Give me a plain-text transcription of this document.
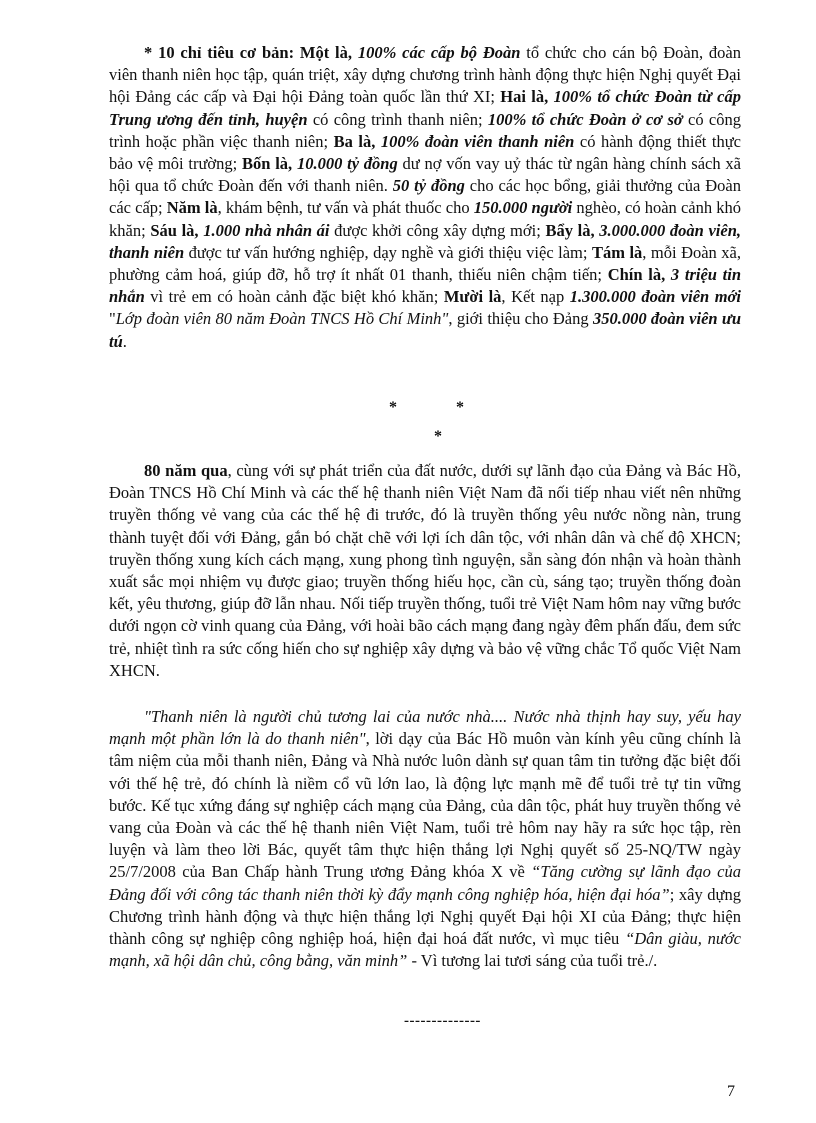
* 10 chỉ tiêu cơ bản: Một là, 100% các cấp bộ Đoàn tổ chức cho cán bộ Đoàn, đoàn viên thanh niên học tập, quán triệt, xây dựng chương trình hành động thực hiện Nghị quyết Đại hội Đảng các cấp và Đại hội Đảng toàn quốc lần thứ XI; Hai là, 100% tổ chức Đoàn từ cấp Trung ương đến tỉnh, huyện có công trình thanh niên; 100% tổ chức Đoàn ở cơ sở có công trình hoặc phần việc thanh niên; Ba là, 100% đoàn viên thanh niên có hành động thiết thực bảo vệ môi trường; Bốn là, 10.000 tỷ đồng dư nợ vốn vay uỷ thác từ ngân hàng chính sách xã hội qua tổ chức Đoàn đến với thanh niên. 50 tỷ đồng cho các học bổng, giải thưởng của Đoàn các cấp; Năm là, khám bệnh, tư vấn và phát thuốc cho 150.000 người nghèo, có hoàn cảnh khó khăn; Sáu là, 1.000 nhà nhân ái được khởi công xây dựng mới; Bẩy là, 3.000.000 đoàn viên, thanh niên được tư vấn hướng nghiệp, dạy nghề và giới thiệu việc làm; Tám là, mỗi Đoàn xã, phường cảm hoá, giúp đỡ, hỗ trợ ít nhất 01 thanh, thiếu niên chậm tiến; Chín là, 3 triệu tin nhắn vì trẻ em có hoàn cảnh đặc biệt khó khăn; Mười là, Kết nạp 1.300.000 đoàn viên mới "Lớp đoàn viên 80 năm Đoàn TNCS Hồ Chí Minh", giới thiệu cho Đảng 350.000 đoàn viên ưu tú.

*	*
*

80 năm qua, cùng với sự phát triển của đất nước, dưới sự lãnh đạo của Đảng và Bác Hồ, Đoàn TNCS Hồ Chí Minh và các thế hệ thanh niên Việt Nam đã nối tiếp nhau viết nên những truyền thống vẻ vang của các thế hệ đi trước, đó là truyền thống yêu nước nồng nàn, trung thành tuyệt đối với Đảng, gắn bó chặt chẽ với lợi ích dân tộc, với nhân dân và chế độ XHCN; truyền thống xung kích cách mạng, xung phong tình nguyện, sẵn sàng đón nhận và hoàn thành xuất sắc mọi nhiệm vụ được giao; truyền thống hiếu học, cần cù, sáng tạo; truyền thống đoàn kết, yêu thương, giúp đỡ lẫn nhau. Nối tiếp truyền thống, tuổi trẻ Việt Nam hôm nay vững bước dưới ngọn cờ vinh quang của Đảng, với hoài bão cách mạng đang ngày đêm phấn đấu, đem sức trẻ, nhiệt tình ra sức cống hiến cho sự nghiệp xây dựng và bảo vệ vững chắc Tổ quốc Việt Nam XHCN.

"Thanh niên là người chủ tương lai của nước nhà.... Nước nhà thịnh hay suy, yếu hay mạnh một phần lớn là do thanh niên", lời dạy của Bác Hồ muôn vàn kính yêu cũng chính là tâm niệm của mỗi thanh niên, Đảng và Nhà nước luôn dành sự quan tâm tin tưởng đặc biệt đối với thế hệ trẻ, đó chính là niềm cổ vũ lớn lao, là động lực mạnh mẽ để tuổi trẻ tự tin vững bước. Kế tục xứng đáng sự nghiệp cách mạng của Đảng, của dân tộc, phát huy truyền thống vẻ vang của Đoàn và các thế hệ thanh niên Việt Nam, tuổi trẻ hôm nay hãy ra sức học tập, rèn luyện và làm theo lời Bác, quyết tâm thực hiện thắng lợi Nghị quyết số 25-NQ/TW ngày 25/7/2008 của Ban Chấp hành Trung ương Đảng khóa X về “Tăng cường sự lãnh đạo của Đảng đối với công tác thanh niên thời kỳ đẩy mạnh công nghiệp hóa, hiện đại hóa”; xây dựng Chương trình hành động và thực hiện thắng lợi Nghị quyết Đại hội XI của Đảng; thực hiện thành công sự nghiệp công nghiệp hoá, hiện đại hoá đất nước, vì mục tiêu “Dân giàu, nước mạnh, xã hội dân chủ, công bằng, văn minh” - Vì tương lai tươi sáng của tuổi trẻ./.

--------------
7
